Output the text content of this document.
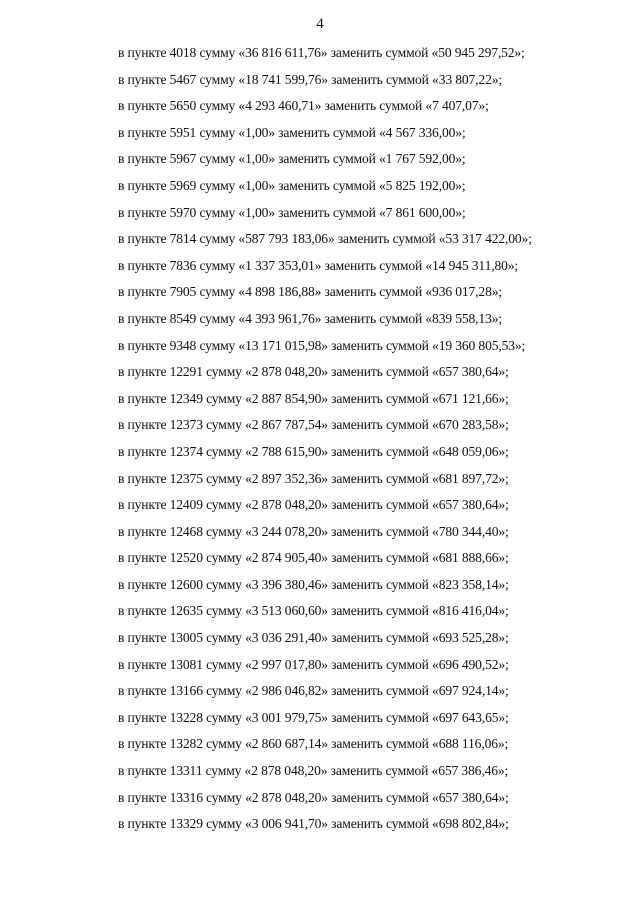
4
в пункте 4018 сумму «36 816 611,76» заменить суммой «50 945 297,52»;
в пункте 5467 сумму «18 741 599,76» заменить суммой «33 807,22»;
в пункте 5650 сумму «4 293 460,71» заменить суммой «7 407,07»;
в пункте 5951 сумму «1,00» заменить суммой «4 567 336,00»;
в пункте 5967 сумму «1,00» заменить суммой «1 767 592,00»;
в пункте 5969 сумму «1,00» заменить суммой «5 825 192,00»;
в пункте 5970 сумму «1,00» заменить суммой «7 861 600,00»;
в пункте 7814 сумму «587 793 183,06» заменить суммой «53 317 422,00»;
в пункте 7836 сумму «1 337 353,01» заменить суммой «14 945 311,80»;
в пункте 7905 сумму «4 898 186,88» заменить суммой «936 017,28»;
в пункте 8549 сумму «4 393 961,76» заменить суммой «839 558,13»;
в пункте 9348 сумму «13 171 015,98» заменить суммой «19 360 805,53»;
в пункте 12291 сумму «2 878 048,20» заменить суммой «657 380,64»;
в пункте 12349 сумму «2 887 854,90» заменить суммой «671 121,66»;
в пункте 12373 сумму «2 867 787,54» заменить суммой «670 283,58»;
в пункте 12374 сумму «2 788 615,90» заменить суммой «648 059,06»;
в пункте 12375 сумму «2 897 352,36» заменить суммой «681 897,72»;
в пункте 12409 сумму «2 878 048,20» заменить суммой «657 380,64»;
в пункте 12468 сумму «3 244 078,20» заменить суммой «780 344,40»;
в пункте 12520 сумму «2 874 905,40» заменить суммой «681 888,66»;
в пункте 12600 сумму «3 396 380,46» заменить суммой «823 358,14»;
в пункте 12635 сумму «3 513 060,60» заменить суммой «816 416,04»;
в пункте 13005 сумму «3 036 291,40» заменить суммой «693 525,28»;
в пункте 13081 сумму «2 997 017,80» заменить суммой «696 490,52»;
в пункте 13166 сумму «2 986 046,82» заменить суммой «697 924,14»;
в пункте 13228 сумму «3 001 979,75» заменить суммой «697 643,65»;
в пункте 13282 сумму «2 860 687,14» заменить суммой «688 116,06»;
в пункте 13311 сумму «2 878 048,20» заменить суммой «657 386,46»;
в пункте 13316 сумму «2 878 048,20» заменить суммой «657 380,64»;
в пункте 13329 сумму «3 006 941,70» заменить суммой «698 802,84»;
